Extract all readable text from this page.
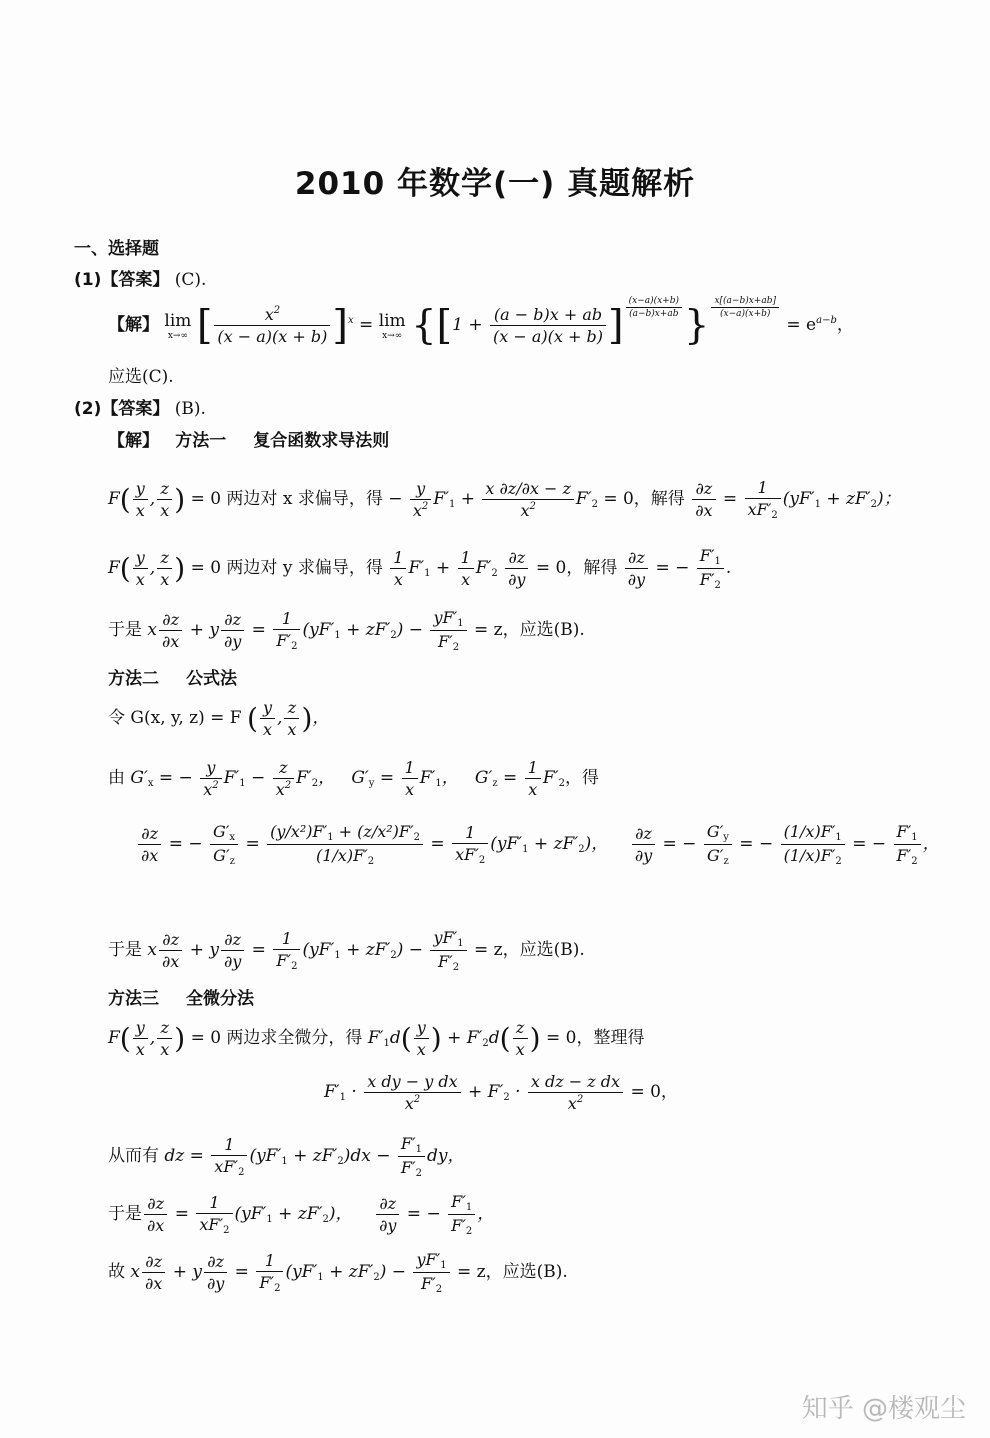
2010 年数学(一) 真题解析
一、选择题
(1)【答案】 (C).
【解】 lim
x→∞ [ $\frac{x^2}{(x - a)(x + b)} ]^x = \lim$
x→∞ {[$1 + \frac{(a - b)x + ab}{(x - a)(x + b)}$ ] $\frac{(x-a)(x+b)}{(a-b)x+ab}$ } $\frac{x[(a-b)x+ab]}{(x-a)(x+b)}$
= $e^{a-b}$，
应选(C).
(2)【答案】 (B).
【解】 方法一 复合函数求导法则
$F( \frac{y}{x}$ , $\frac{z}{x}$ ) = 0 两边对 x 求偏导，得 − $\frac{y}{x^2} F'_1 + \frac{x \partial z/\partial x - z}{x^2} F'_2 = 0$，解得 $\frac{\partial z}{\partial x} = \frac{1}{xF'_2} (yF'_1 + zF'_2)$；
$F( \frac{y}{x}$ , $\frac{z}{x}$ ) = 0 两边对 y 求偏导，得 $\frac{1}{x} F'_1 + \frac{1}{x} F'_2 \frac{\partial z}{\partial y} = 0$，解得 $\frac{\partial z}{\partial y}$ = − $\frac{F'_1}{F'_2}$ .
于是 x $\frac{\partial z}{\partial x} + y \frac{\partial z}{\partial y} = \frac{1}{F'_2} (yF'_1 + zF'_2) - \frac{yF'_1}{F'_2} = z$，应选(B).
方法二 公式法
令 G(x, y, z) = F ( $\frac{y}{x}$ , $\frac{z}{x}$ )，
由 $G'_x$ = − $\frac{y}{x^2} F'_1 - \frac{z}{x^2} F'_2$，   $G'_y = \frac{1}{x} F'_1$，   $G'_z = \frac{1}{x} F'_2$，得
$\frac{\partial z}{\partial x}$ = − $\frac{G'_x}{G'_z} = \frac{(y/x^2)F'_1 + (z/x^2)F'_2}{(1/x)F'_2} = \frac{1}{xF'_2} (yF'_1 + zF'_2)$， $\frac{\partial z}{\partial y}$ = − $\frac{G'_y}{G'_z}$ = − $\frac{(1/x)F'_1}{(1/x)F'_2}$ = − $\frac{F'_1}{F'_2}$ ，
于是 x $\frac{\partial z}{\partial x} + y \frac{\partial z}{\partial y} = \frac{1}{F'_2} (yF'_1 + zF'_2) - \frac{yF'_1}{F'_2} = z$，应选(B).
方法三 全微分法
$F( \frac{y}{x}$ , $\frac{z}{x}$ ) = 0 两边求全微分，得 $F'_1d( \frac{y}{x}$ ) + $F'_2d( \frac{z}{x}$ ) = 0，整理得
$F'_1 \cdot \frac{\text{x dy − y dx}}{x^2} + F'_2 \cdot \frac{\text{x dz − z dx}}{x^2} = 0$，
从而有 dz = $\frac{1}{xF'_2} (yF'_1 + zF'_2)dx - \frac{F'_1}{F'_2}$ dy，
于是 $\frac{\partial z}{\partial x} = \frac{1}{xF'_2} (yF'_1 + zF'_2)$， $\frac{\partial z}{\partial y}$ = − $\frac{F'_1}{F'_2}$ ，
故 x $\frac{\partial z}{\partial x} + y \frac{\partial z}{\partial y} = \frac{1}{F'_2} (yF'_1 + zF'_2) - \frac{yF'_1}{F'_2} = z$，应选(B).
知乎 @楼观尘
